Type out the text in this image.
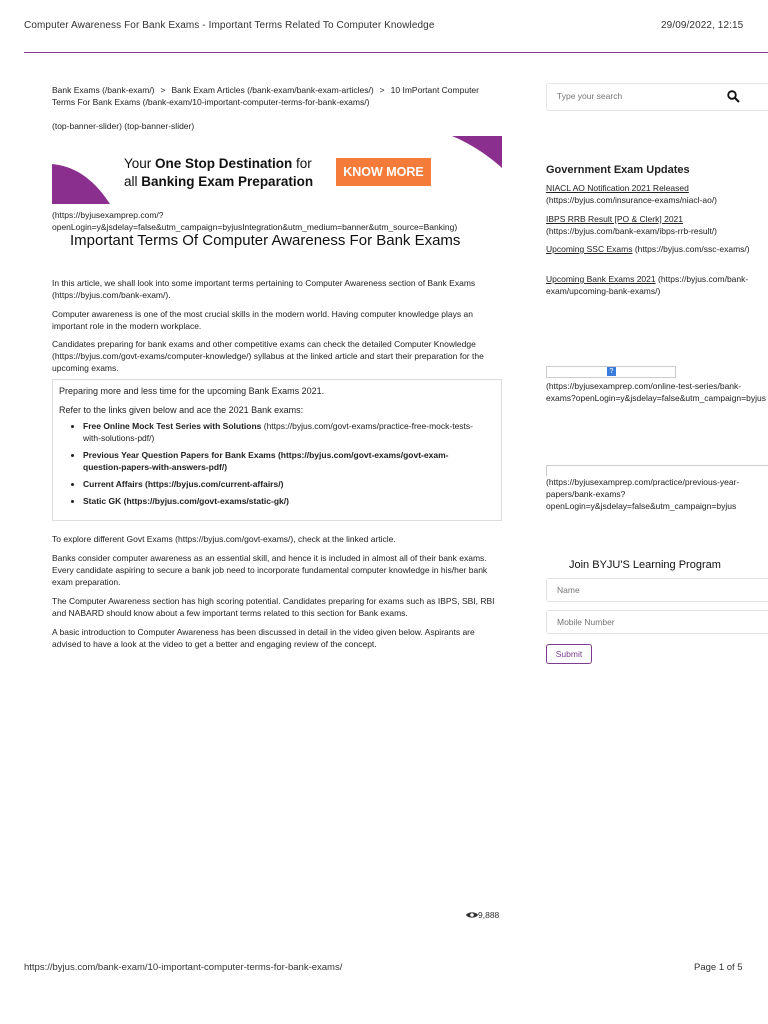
Computer Awareness For Bank Exams - Important Terms Related To Computer Knowledge	29/09/2022, 12:15
Bank Exams (/bank-exam/) > Bank Exam Articles (/bank-exam/bank-exam-articles/) > 10 ImPortant Computer Terms For Bank Exams (/bank-exam/10-important-computer-terms-for-bank-exams/)
(top-banner-slider) (top-banner-slider)
Your One Stop Destination for
all Banking Exam Preparation
KNOW MORE
(https://byjusexamprep.com/?openLogin=y&jsdelay=false&utm_campaign=byjusIntegration&utm_medium=banner&utm_source=Banking)
Important Terms Of Computer Awareness For Bank Exams
In this article, we shall look into some important terms pertaining to Computer Awareness section of Bank Exams (https://byjus.com/bank-exam/).
Computer awareness is one of the most crucial skills in the modern world. Having computer knowledge plays an important role in the modern workplace.
Candidates preparing for bank exams and other competitive exams can check the detailed Computer Knowledge (https://byjus.com/govt-exams/computer-knowledge/) syllabus at the linked article and start their preparation for the upcoming exams.
Preparing more and less time for the upcoming Bank Exams 2021.
Refer to the links given below and ace the 2021 Bank exams:
• Free Online Mock Test Series with Solutions (https://byjus.com/govt-exams/practice-free-mock-tests-with-solutions-pdf/)
• Previous Year Question Papers for Bank Exams (https://byjus.com/govt-exams/govt-exam-question-papers-with-answers-pdf/)
• Current Affairs (https://byjus.com/current-affairs/)
• Static GK (https://byjus.com/govt-exams/static-gk/)
To explore different Govt Exams (https://byjus.com/govt-exams/), check at the linked article.
Banks consider computer awareness as an essential skill, and hence it is included in almost all of their bank exams. Every candidate aspiring to secure a bank job need to incorporate fundamental computer knowledge in his/her bank exam preparation.
The Computer Awareness section has high scoring potential. Candidates preparing for exams such as IBPS, SBI, RBI and NABARD should know about a few important terms related to this section for Bank exams.
A basic introduction to Computer Awareness has been discussed in detail in the video given below. Aspirants are advised to have a look at the video to get a better and engaging review of the concept.
9,888
Type your search
Government Exam Updates
NIACL AO Notification 2021 Released (https://byjus.com/insurance-exams/niacl-ao/)
IBPS RRB Result [PO & Clerk] 2021 (https://byjus.com/bank-exam/ibps-rrb-result/)
Upcoming SSC Exams (https://byjus.com/ssc-exams/)
Upcoming Bank Exams 2021 (https://byjus.com/bank-exam/upcoming-bank-exams/)
?
(https://byjusexamprep.com/online-test-series/bank-exams?openLogin=y&jsdelay=false&utm_campaign=byjus
(https://byjusexamprep.com/practice/previous-year-papers/bank-exams?openLogin=y&jsdelay=false&utm_campaign=byjus
Join BYJU'S Learning Program
Name
Mobile Number
Submit
https://byjus.com/bank-exam/10-important-computer-terms-for-bank-exams/	Page 1 of 5
